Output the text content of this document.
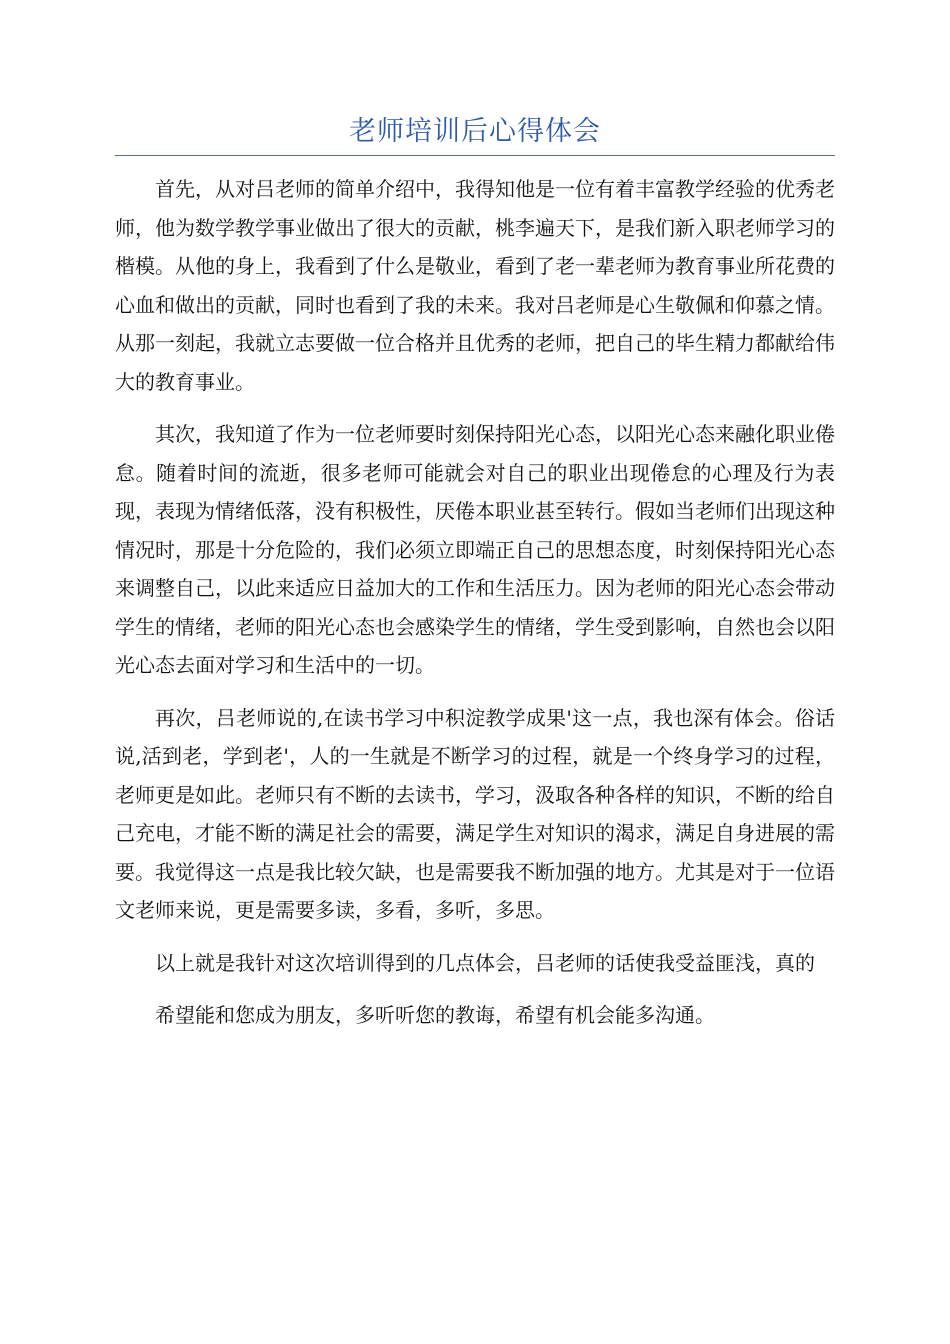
老师培训后心得体会

首先，从对吕老师的简单介绍中，我得知他是一位有着丰富教学经验的优秀老师，他为数学教学事业做出了很大的贡献，桃李遍天下，是我们新入职老师学习的楷模。从他的身上，我看到了什么是敬业，看到了老一辈老师为教育事业所花费的心血和做出的贡献，同时也看到了我的未来。我对吕老师是心生敬佩和仰慕之情。从那一刻起，我就立志要做一位合格并且优秀的老师，把自己的毕生精力都献给伟大的教育事业。

其次，我知道了作为一位老师要时刻保持阳光心态，以阳光心态来融化职业倦怠。随着时间的流逝，很多老师可能就会对自己的职业出现倦怠的心理及行为表现，表现为情绪低落，没有积极性，厌倦本职业甚至转行。假如当老师们出现这种情况时，那是十分危险的，我们必须立即端正自己的思想态度，时刻保持阳光心态来调整自己，以此来适应日益加大的工作和生活压力。因为老师的阳光心态会带动学生的情绪，老师的阳光心态也会感染学生的情绪，学生受到影响，自然也会以阳光心态去面对学习和生活中的一切。

再次，吕老师说的,在读书学习中积淀教学成果'这一点，我也深有体会。俗话说,活到老，学到老'，人的一生就是不断学习的过程，就是一个终身学习的过程，老师更是如此。老师只有不断的去读书，学习，汲取各种各样的知识，不断的给自己充电，才能不断的满足社会的需要，满足学生对知识的渴求，满足自身进展的需要。我觉得这一点是我比较欠缺，也是需要我不断加强的地方。尤其是对于一位语文老师来说，更是需要多读，多看，多听，多思。

以上就是我针对这次培训得到的几点体会，吕老师的话使我受益匪浅，真的

希望能和您成为朋友，多听听您的教诲，希望有机会能多沟通。
